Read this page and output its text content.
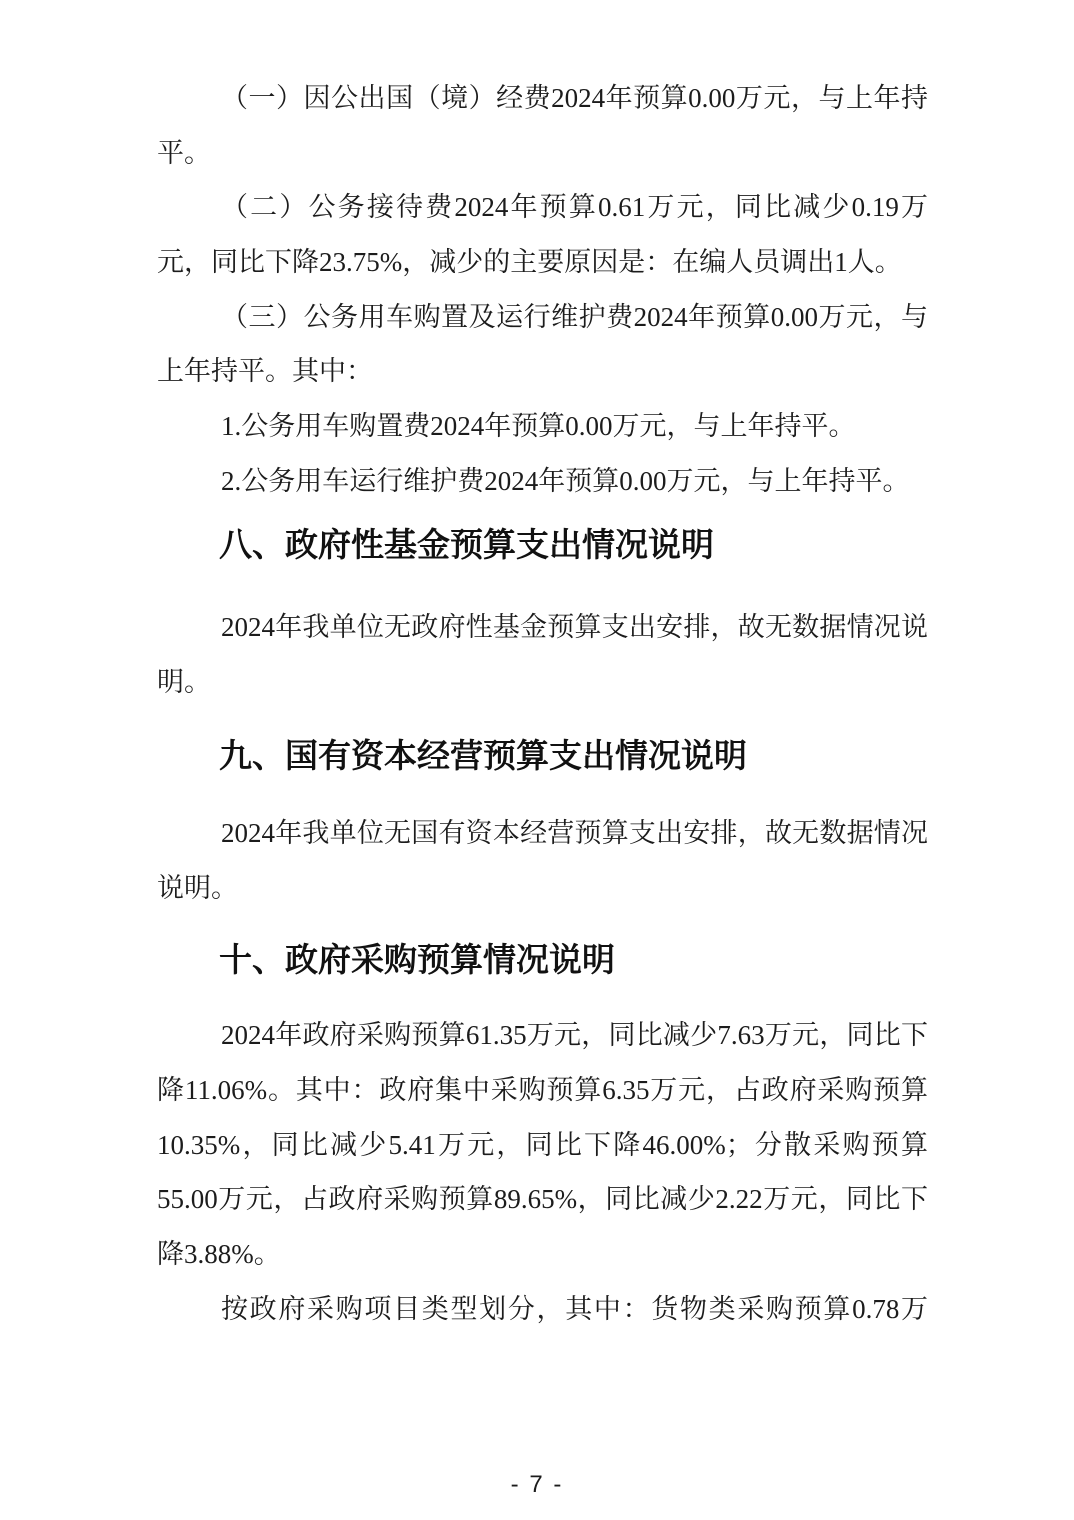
（一）因公出国（境）经费2024年预算0.00万元，与上年持
平。
（二）公务接待费2024年预算0.61万元，同比减少0.19万
元，同比下降23.75%，减少的主要原因是：在编人员调出1人。
（三）公务用车购置及运行维护费2024年预算0.00万元，与
上年持平。其中：
1.公务用车购置费2024年预算0.00万元，与上年持平。
2.公务用车运行维护费2024年预算0.00万元，与上年持平。
八、政府性基金预算支出情况说明
2024年我单位无政府性基金预算支出安排，故无数据情况说
明。
九、国有资本经营预算支出情况说明
2024年我单位无国有资本经营预算支出安排，故无数据情况
说明。
十、政府采购预算情况说明
2024年政府采购预算61.35万元，同比减少7.63万元，同比下
降11.06%。其中：政府集中采购预算6.35万元，占政府采购预算
10.35%，同比减少5.41万元，同比下降46.00%；分散采购预算
55.00万元，占政府采购预算89.65%，同比减少2.22万元，同比下
降3.88%。
按政府采购项目类型划分，其中：货物类采购预算0.78万
- 7 -
